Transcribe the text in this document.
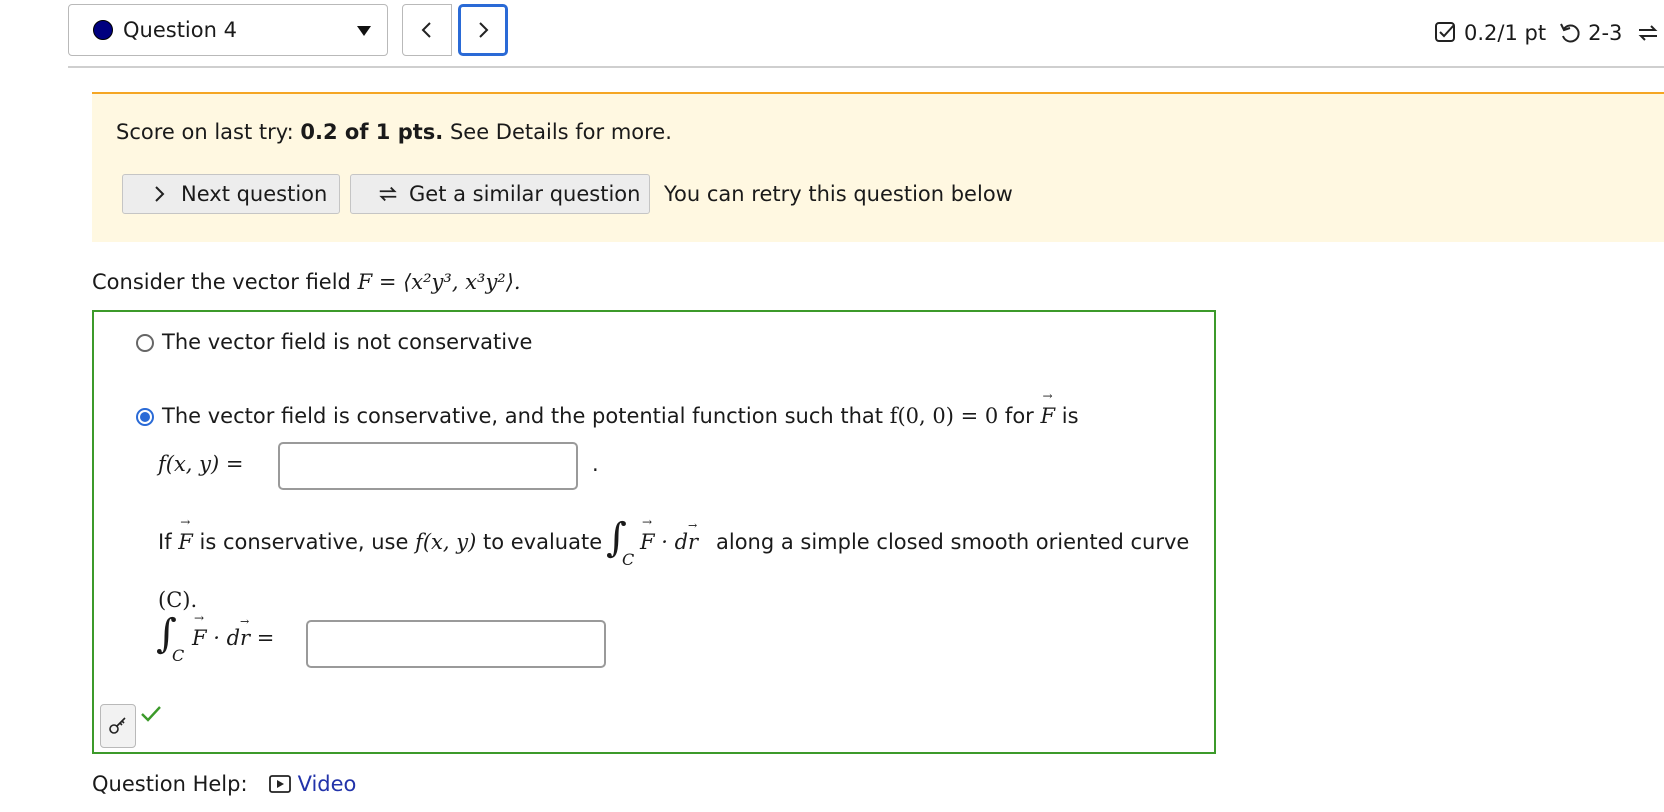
Question 4	0.2/1 pt 2-3
Score on last try: 0.2 of 1 pts. See Details for more.
Next question	Get a similar question You can retry this question below
Consider the vector field F = ⟨x²y³, x³y²⟩.
The vector field is not conservative
The vector field is conservative, and the potential function such that f(0, 0) = 0 for → F is
f(x, y) =	.
If → F is conservative, use f(x, y) to evaluate ∫
C
→ F · d→ r along a simple closed smooth oriented curve
(C).
∫
C
→ F · d→ r =
Question Help: Video
